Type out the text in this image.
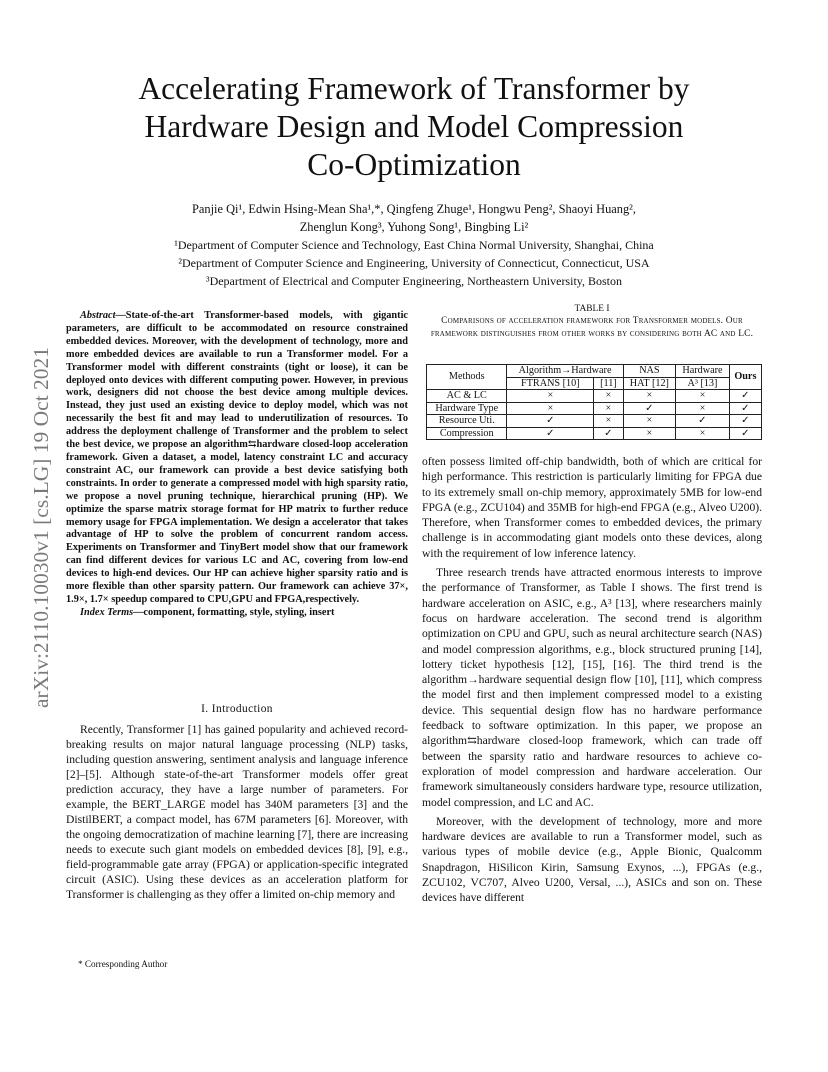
arXiv:2110.10030v1 [cs.LG] 19 Oct 2021
Accelerating Framework of Transformer by
Hardware Design and Model Compression
Co-Optimization
Panjie Qi¹, Edwin Hsing-Mean Sha¹,*, Qingfeng Zhuge¹, Hongwu Peng², Shaoyi Huang²,
Zhenglun Kong³, Yuhong Song¹, Bingbing Li²
¹Department of Computer Science and Technology, East China Normal University, Shanghai, China
²Department of Computer Science and Engineering, University of Connecticut, Connecticut, USA
³Department of Electrical and Computer Engineering, Northeastern University, Boston

Abstract—State-of-the-art Transformer-based models, with gigantic parameters, are difficult to be accommodated on resource constrained embedded devices. Moreover, with the development of technology, more and more embedded devices are available to run a Transformer model. For a Transformer model with different constraints (tight or loose), it can be deployed onto devices with different computing power. However, in previous work, designers did not choose the best device among multiple devices. Instead, they just used an existing device to deploy model, which was not necessarily the best fit and may lead to underutilization of resources. To address the deployment challenge of Transformer and the problem to select the best device, we propose an algorithm⇆hardware closed-loop acceleration framework. Given a dataset, a model, latency constraint LC and accuracy constraint AC, our framework can provide a best device satisfying both constraints. In order to generate a compressed model with high sparsity ratio, we propose a novel pruning technique, hierarchical pruning (HP). We optimize the sparse matrix storage format for HP matrix to further reduce memory usage for FPGA implementation. We design a accelerator that takes advantage of HP to solve the problem of concurrent random access. Experiments on Transformer and TinyBert model show that our framework can find different devices for various LC and AC, covering from low-end devices to high-end devices. Our HP can achieve higher sparsity ratio and is more flexible than other sparsity pattern. Our framework can achieve 37×, 1.9×, 1.7× speedup compared to CPU,GPU and FPGA,respectively.

Index Terms—component, formatting, style, styling, insert

I. Introduction

Recently, Transformer [1] has gained popularity and achieved record-breaking results on major natural language processing (NLP) tasks, including question answering, sentiment analysis and language inference [2]–[5]. Although state-of-the-art Transformer models offer great prediction accuracy, they have a large number of parameters. For example, the BERT_LARGE model has 340M parameters [3] and the DistilBERT, a compact model, has 67M parameters [6]. Moreover, with the ongoing democratization of machine learning [7], there are increasing needs to execute such giant models on embedded devices [8], [9], e.g., field-programmable gate array (FPGA) or application-specific integrated circuit (ASIC). Using these devices as an acceleration platform for Transformer is challenging as they offer a limited on-chip memory and

* Corresponding Author
TABLE I
Comparisons of acceleration framework for Transformer models. Our framework distinguishes from other works by considering both AC and LC.
Methods	Algorithm→Hardware		NAS	Hardware	Ours
	FTRANS [10]	[11]	HAT [12]	A³ [13]	
AC & LC	×	×	×	×	✓
Hardware Type	×	×	✓	×	✓
Resource Uti.	✓	×	×	✓	✓
Compression	✓	✓	×	×	✓

often possess limited off-chip bandwidth, both of which are critical for high performance. This restriction is particularly limiting for FPGA due to its extremely small on-chip memory, approximately 5MB for low-end FPGA (e.g., ZCU104) and 35MB for high-end FPGA (e.g., Alveo U200). Therefore, when Transformer comes to embedded devices, the primary challenge is in accommodating giant models onto these devices, along with the requirement of low inference latency.

Three research trends have attracted enormous interests to improve the performance of Transformer, as Table I shows. The first trend is hardware acceleration on ASIC, e.g., A³ [13], where researchers mainly focus on hardware acceleration. The second trend is algorithm optimization on CPU and GPU, such as neural architecture search (NAS) and model compression algorithms, e.g., block structured pruning [14], lottery ticket hypothesis [12], [15], [16]. The third trend is the algorithm→hardware sequential design flow [10], [11], which compress the model first and then implement compressed model to a existing device. This sequential design flow has no hardware performance feedback to software optimization. In this paper, we propose an algorithm⇆hardware closed-loop framework, which can trade off between the sparsity ratio and hardware resources to achieve co-exploration of model compression and hardware acceleration. Our framework simultaneously considers hardware type, resource utilization, model compression, and LC and AC.

Moreover, with the development of technology, more and more hardware devices are available to run a Transformer model, such as various types of mobile device (e.g., Apple Bionic, Qualcomm Snapdragon, HiSilicon Kirin, Samsung Exynos, ...), FPGAs (e.g., ZCU102, VC707, Alveo U200, Versal, ...), ASICs and son on. These devices have different
